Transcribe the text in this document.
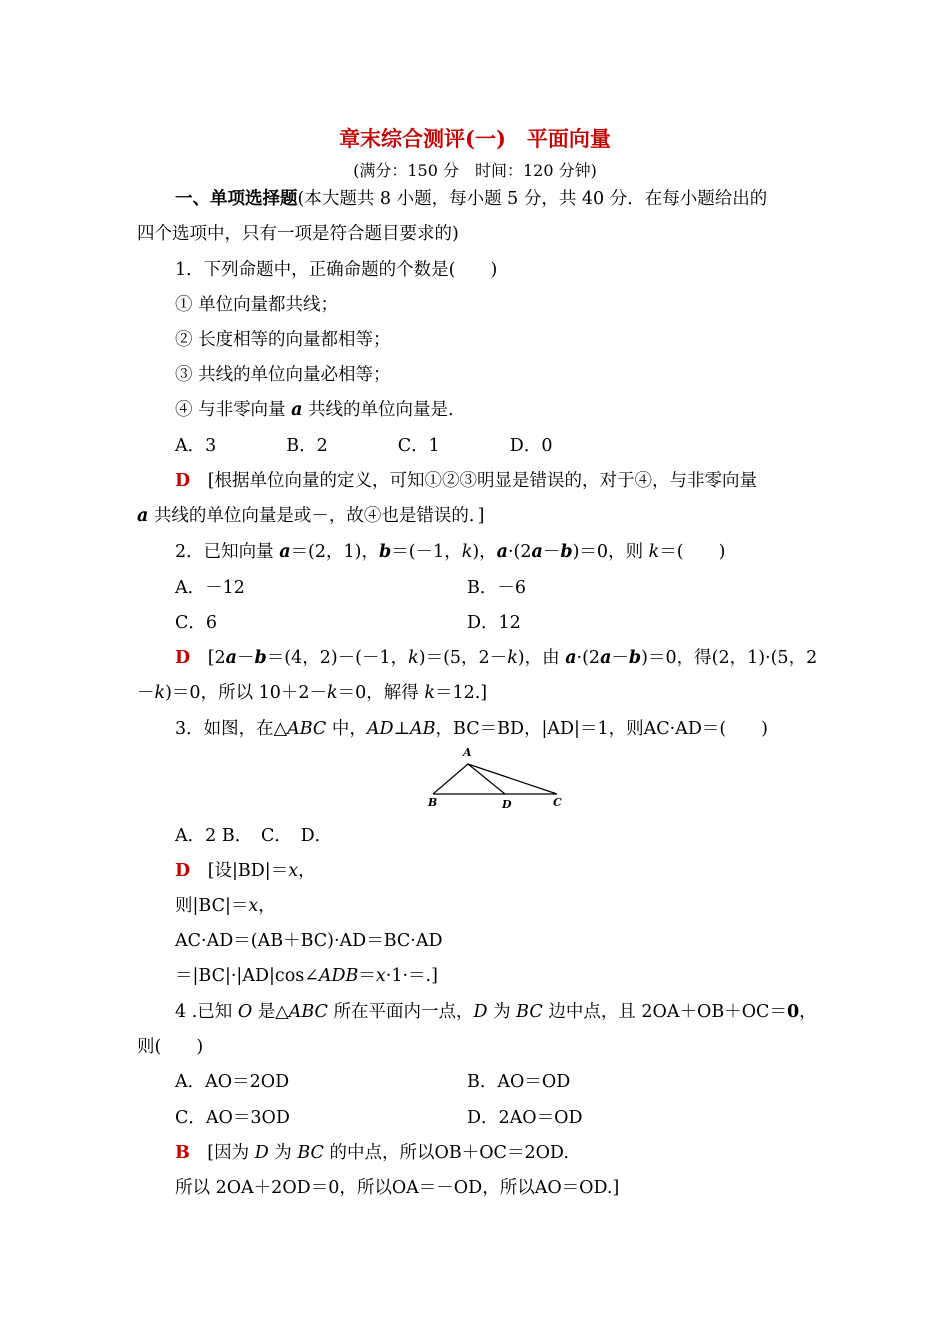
章末综合测评(一)　平面向量
(满分：150 分　时间：120 分钟)
一、单项选择题(本大题共 8 小题，每小题 5 分，共 40 分．在每小题给出的
四个选项中，只有一项是符合题目要求的)
1．下列命题中，正确命题的个数是(　　)
① 单位向量都共线；
② 长度相等的向量都相等；
③ 共线的单位向量必相等；
④ 与非零向量 a 共线的单位向量是.
A．3　　　　B．2　　　　C．1　　　　D．0
D　 [根据单位向量的定义，可知①②③明显是错误的，对于④，与非零向量
a 共线的单位向量是或－，故④也是错误的．]
2．已知向量 a＝(2，1)，b＝(－1，k)，a·(2a－b)＝0，则 k＝(　　)
A．－12	B．－6
C．6	D．12
D　 [2a－b＝(4，2)－(－1，k)＝(5，2－k)，由 a·(2a－b)＝0，得(2，1)·(5，2
－k)＝0，所以 10＋2－k＝0，解得 k＝12.]
3．如图，在△ABC 中，AD⊥AB，BC＝BD，|AD|＝1，则AC·AD＝(　　)
A
B	D	C
A．2 B．　C．　D．
D　 [设|BD|＝x，
则|BC|＝x，
AC·AD＝(AB＋BC)·AD＝BC·AD
＝|BC|·|AD|cos∠ADB＝x·1·＝.]
4 .已知 O 是△ABC 所在平面内一点，D 为 BC 边中点，且 2OA＋OB＋OC＝0，
则(　　)
A．AO＝2OD	B．AO＝OD
C．AO＝3OD	D．2AO＝OD
B　 [因为 D 为 BC 的中点，所以OB＋OC＝2OD.
所以 2OA＋2OD＝0，所以OA＝－OD，所以AO＝OD.]
